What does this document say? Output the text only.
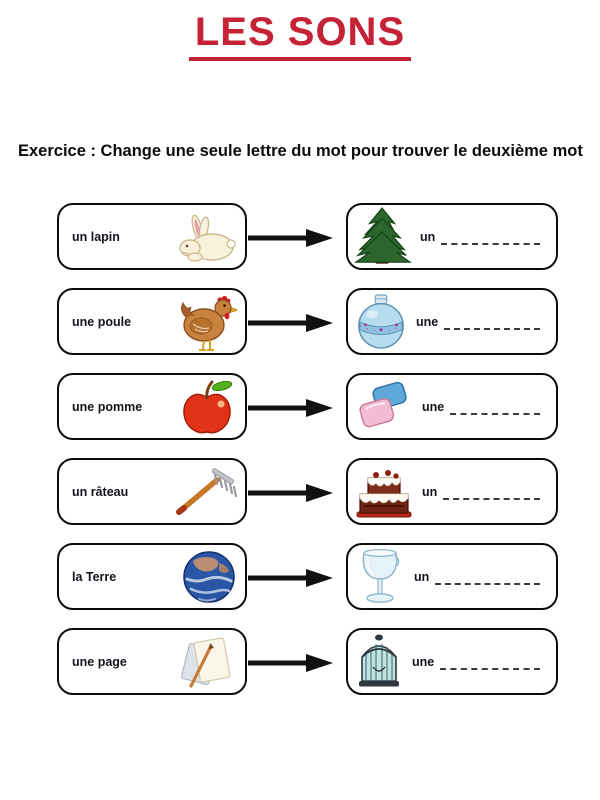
LES SONS

Exercice : Change une seule lettre du mot pour trouver le deuxième mot

un lapin	un
une poule	une
une pomme	une
un râteau	un
la Terre	un
une page	une
